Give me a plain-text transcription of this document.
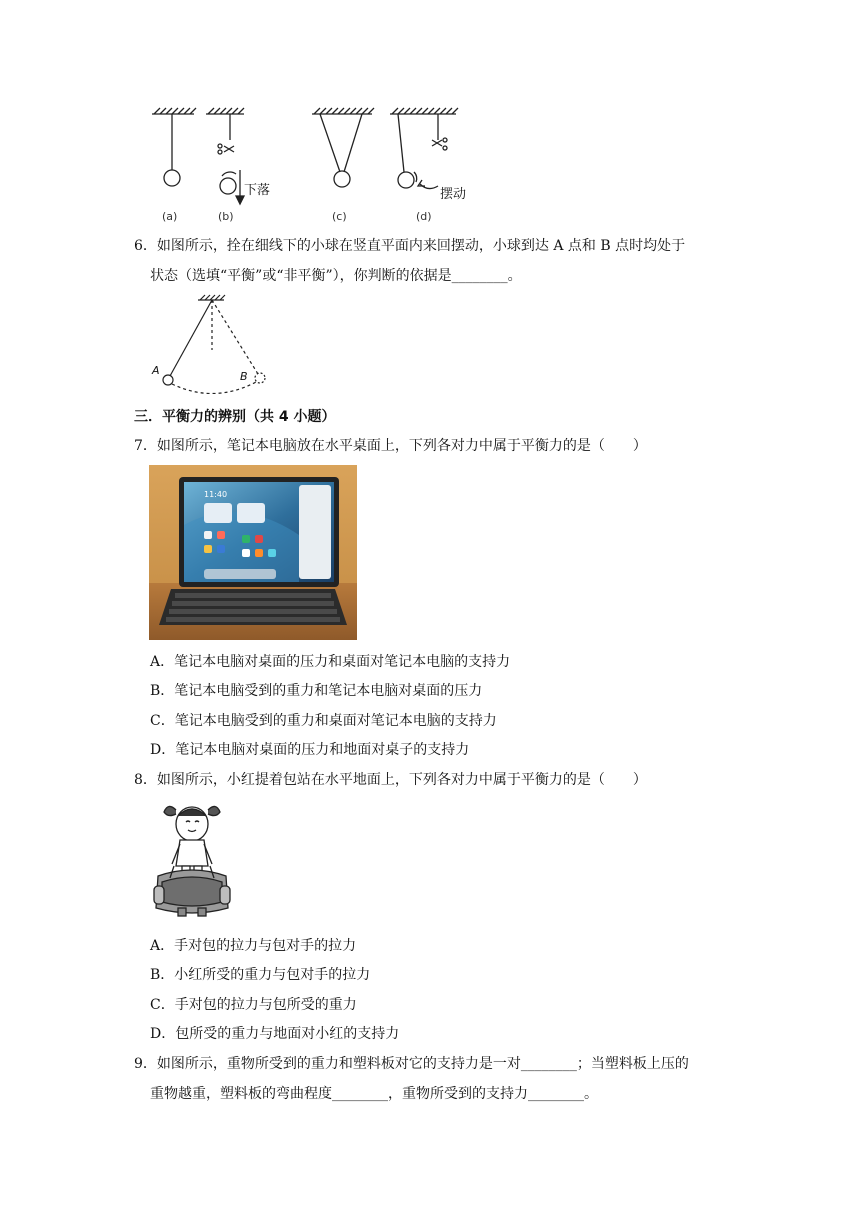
(a)	(b)	(c)	(d)
下落	摆动
6．如图所示，拴在细线下的小球在竖直平面内来回摆动，小球到达 A 点和 B 点时均处于
状态（选填“平衡”或“非平衡”），你判断的依据是________。
A	B
三．平衡力的辨别（共 4 小题）
7．如图所示，笔记本电脑放在水平桌面上，下列各对力中属于平衡力的是（　　）
11:40
A．笔记本电脑对桌面的压力和桌面对笔记本电脑的支持力
B．笔记本电脑受到的重力和笔记本电脑对桌面的压力
C．笔记本电脑受到的重力和桌面对笔记本电脑的支持力
D．笔记本电脑对桌面的压力和地面对桌子的支持力
8．如图所示，小红提着包站在水平地面上，下列各对力中属于平衡力的是（　　）
A．手对包的拉力与包对手的拉力
B．小红所受的重力与包对手的拉力
C．手对包的拉力与包所受的重力
D．包所受的重力与地面对小红的支持力
9．如图所示，重物所受到的重力和塑料板对它的支持力是一对________；当塑料板上压的
重物越重，塑料板的弯曲程度________，重物所受到的支持力________。
